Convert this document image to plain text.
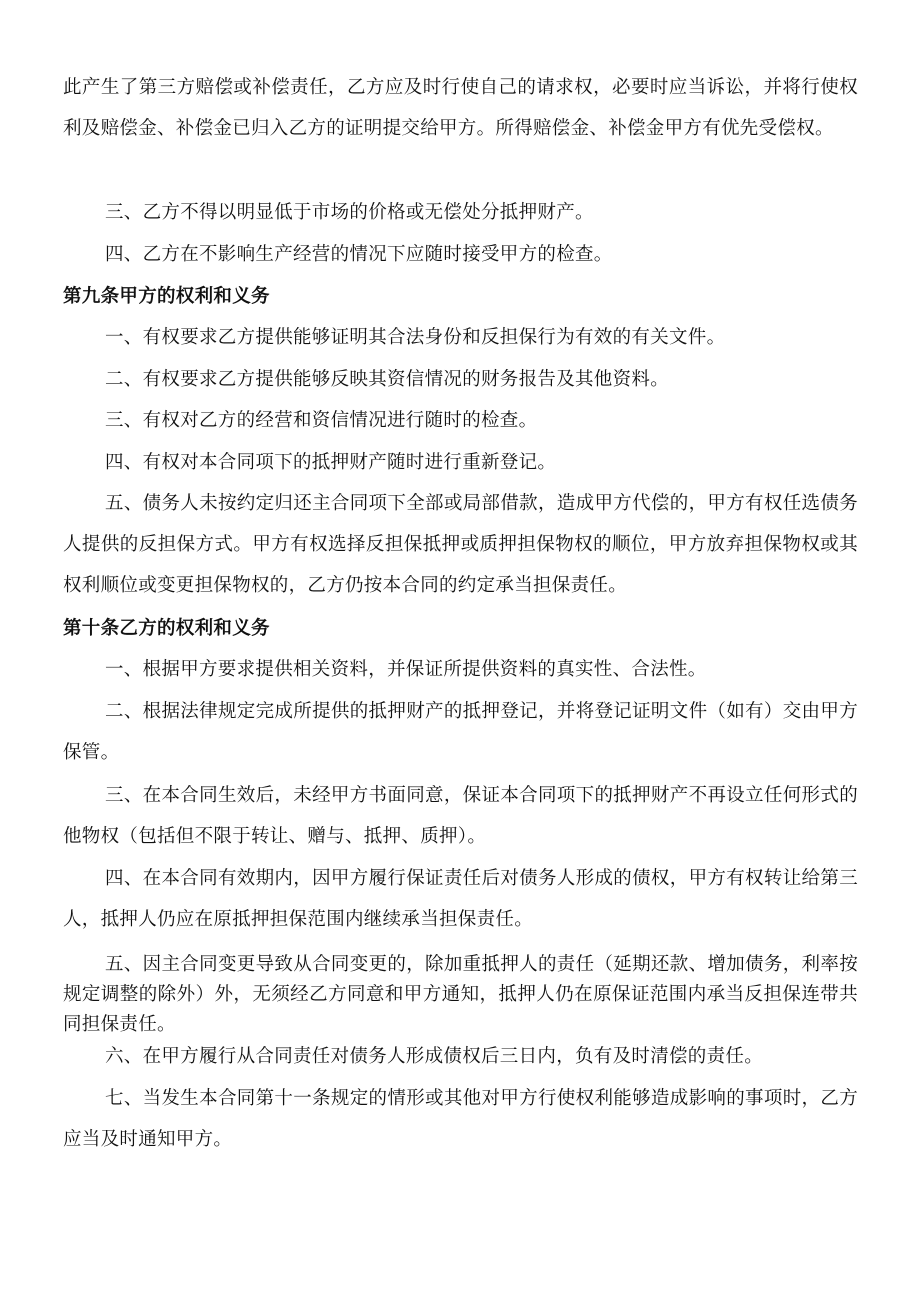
此产生了第三方赔偿或补偿责任，乙方应及时行使自己的请求权，必要时应当诉讼，并将行使权利及赔偿金、补偿金已归入乙方的证明提交给甲方。所得赔偿金、补偿金甲方有优先受偿权。

三、乙方不得以明显低于市场的价格或无偿处分抵押财产。

四、乙方在不影响生产经营的情况下应随时接受甲方的检查。

第九条甲方的权利和义务

一、有权要求乙方提供能够证明其合法身份和反担保行为有效的有关文件。

二、有权要求乙方提供能够反映其资信情况的财务报告及其他资料。

三、有权对乙方的经营和资信情况进行随时的检查。

四、有权对本合同项下的抵押财产随时进行重新登记。

五、债务人未按约定归还主合同项下全部或局部借款，造成甲方代偿的，甲方有权任选债务人提供的反担保方式。甲方有权选择反担保抵押或质押担保物权的顺位，甲方放弃担保物权或其权利顺位或变更担保物权的，乙方仍按本合同的约定承当担保责任。

第十条乙方的权利和义务

一、根据甲方要求提供相关资料，并保证所提供资料的真实性、合法性。

二、根据法律规定完成所提供的抵押财产的抵押登记，并将登记证明文件（如有）交由甲方保管。

三、在本合同生效后，未经甲方书面同意，保证本合同项下的抵押财产不再设立任何形式的他物权（包括但不限于转让、赠与、抵押、质押）。

四、在本合同有效期内，因甲方履行保证责任后对债务人形成的债权，甲方有权转让给第三人，抵押人仍应在原抵押担保范围内继续承当担保责任。

五、因主合同变更导致从合同变更的，除加重抵押人的责任（延期还款、增加债务，利率按规定调整的除外）外，无须经乙方同意和甲方通知，抵押人仍在原保证范围内承当反担保连带共同担保责任。

六、在甲方履行从合同责任对债务人形成债权后三日内，负有及时清偿的责任。

七、当发生本合同第十一条规定的情形或其他对甲方行使权利能够造成影响的事项时，乙方应当及时通知甲方。
